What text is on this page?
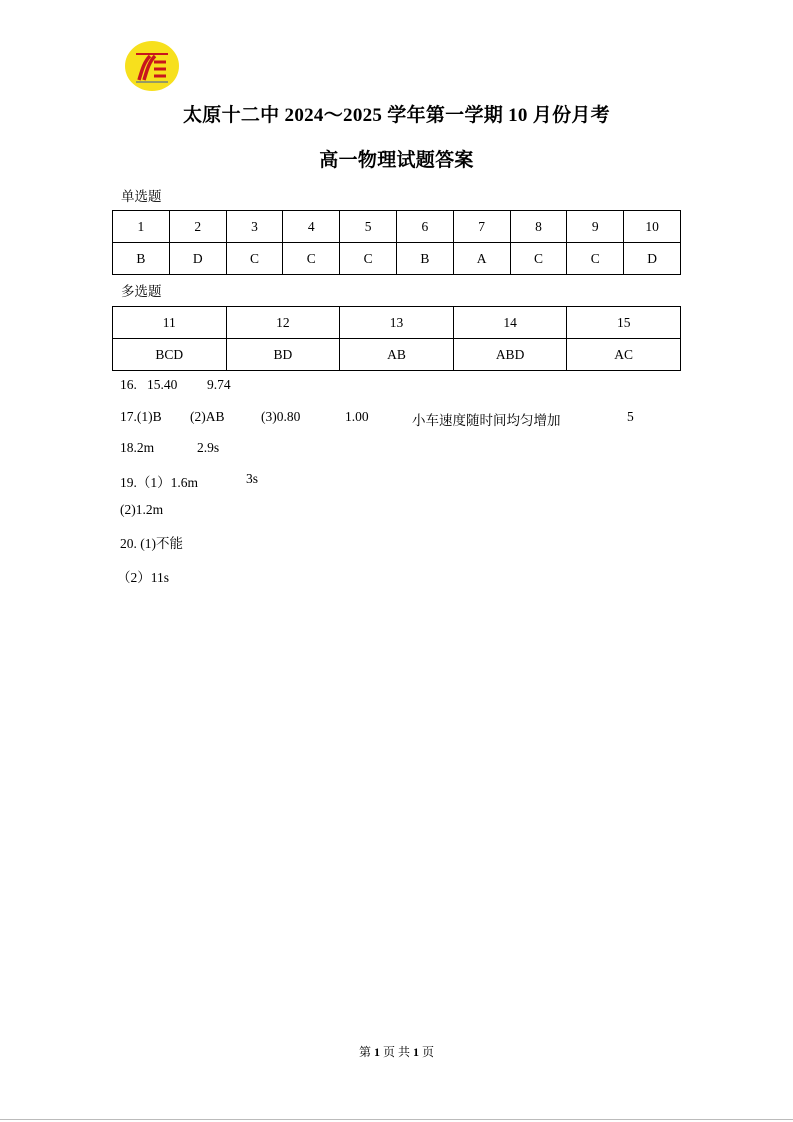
太原十二中 2024～2025 学年第一学期 10 月份月考
高一物理试题答案
单选题
1	2	3	4	5	6	7	8	9	10
B	D	C	C	C	B	A	C	C	D
多选题
11	12	13	14	15
BCD	BD	AB	ABD	AC
16. 15.40 9.74
17.(1)B (2)AB	(3)0.80	1.00	小车速度随时间均匀增加	5
18.2m	2.9s
19.（1）1.6m	3s
(2)1.2m
20. (1)不能
（2）11s
第 1 页 共 1 页
